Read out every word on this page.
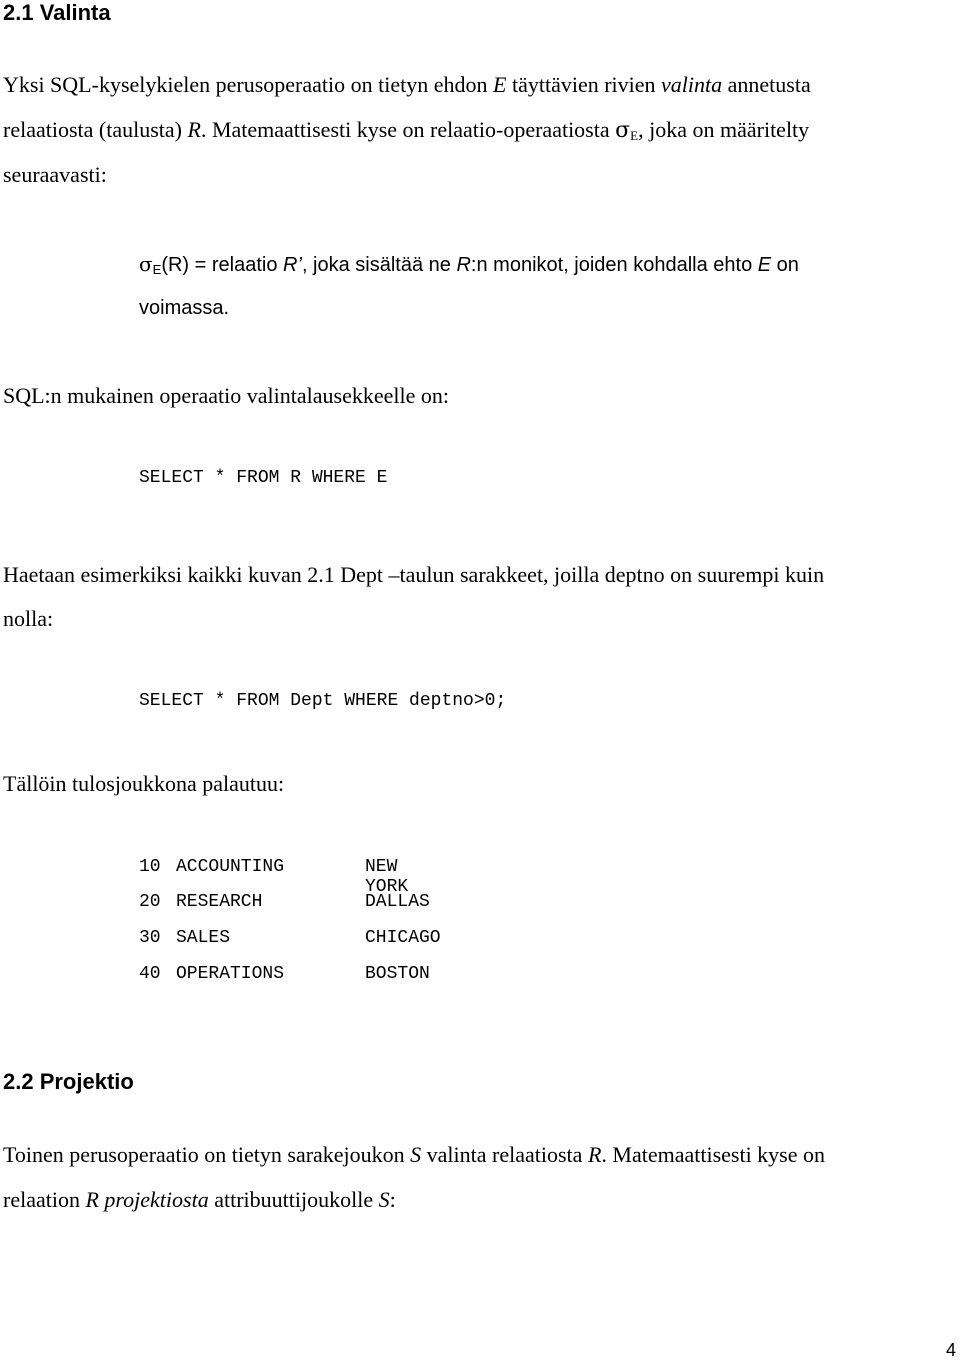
2.1 Valinta
Yksi SQL-kyselykielen perusoperaatio on tietyn ehdon E täyttävien rivien valinta annetusta
relaatiosta (taulusta) R. Matemaattisesti kyse on relaatio-operaatiosta $\sigma_E$, joka on määritelty
seuraavasti:
$\sigma_E(R)$ = relaatio R’, joka sisältää ne R:n monikot, joiden kohdalla ehto E on
voimassa.
SQL:n mukainen operaatio valintalausekkeelle on:
SELECT * FROM R WHERE E
Haetaan esimerkiksi kaikki kuvan 2.1 Dept –taulun sarakkeet, joilla deptno on suurempi kuin
nolla:
SELECT * FROM Dept WHERE deptno>0;
Tällöin tulosjoukkona palautuu:
10 ACCOUNTING	NEW YORK
20 RESEARCH	DALLAS
30 SALES	CHICAGO
40 OPERATIONS	BOSTON
2.2 Projektio
Toinen perusoperaatio on tietyn sarakejoukon S valinta relaatiosta R. Matemaattisesti kyse on
relaation R projektiosta attribuuttijoukolle S:
4
